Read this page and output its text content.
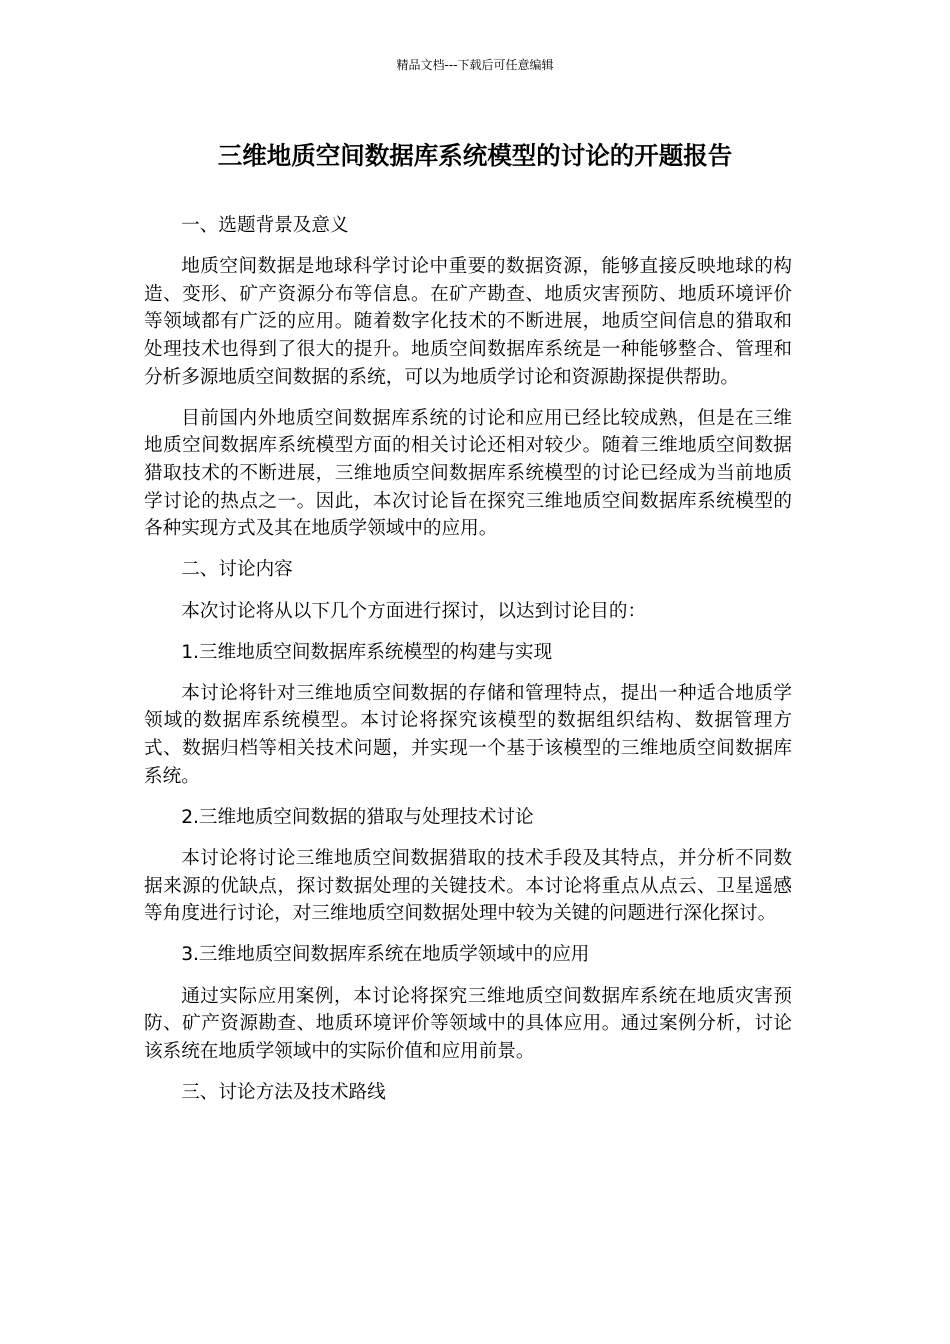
精品文档---下载后可任意编辑
三维地质空间数据库系统模型的讨论的开题报告

一、选题背景及意义

地质空间数据是地球科学讨论中重要的数据资源，能够直接反映地球的构造、变形、矿产资源分布等信息。在矿产勘查、地质灾害预防、地质环境评价等领域都有广泛的应用。随着数字化技术的不断进展，地质空间信息的猎取和处理技术也得到了很大的提升。地质空间数据库系统是一种能够整合、管理和分析多源地质空间数据的系统，可以为地质学讨论和资源勘探提供帮助。

目前国内外地质空间数据库系统的讨论和应用已经比较成熟，但是在三维地质空间数据库系统模型方面的相关讨论还相对较少。随着三维地质空间数据猎取技术的不断进展，三维地质空间数据库系统模型的讨论已经成为当前地质学讨论的热点之一。因此，本次讨论旨在探究三维地质空间数据库系统模型的各种实现方式及其在地质学领域中的应用。

二、讨论内容

本次讨论将从以下几个方面进行探讨，以达到讨论目的：

1.三维地质空间数据库系统模型的构建与实现

本讨论将针对三维地质空间数据的存储和管理特点，提出一种适合地质学领域的数据库系统模型。本讨论将探究该模型的数据组织结构、数据管理方式、数据归档等相关技术问题，并实现一个基于该模型的三维地质空间数据库系统。

2.三维地质空间数据的猎取与处理技术讨论

本讨论将讨论三维地质空间数据猎取的技术手段及其特点，并分析不同数据来源的优缺点，探讨数据处理的关键技术。本讨论将重点从点云、卫星遥感等角度进行讨论，对三维地质空间数据处理中较为关键的问题进行深化探讨。

3.三维地质空间数据库系统在地质学领域中的应用

通过实际应用案例，本讨论将探究三维地质空间数据库系统在地质灾害预防、矿产资源勘查、地质环境评价等领域中的具体应用。通过案例分析，讨论该系统在地质学领域中的实际价值和应用前景。

三、讨论方法及技术路线
